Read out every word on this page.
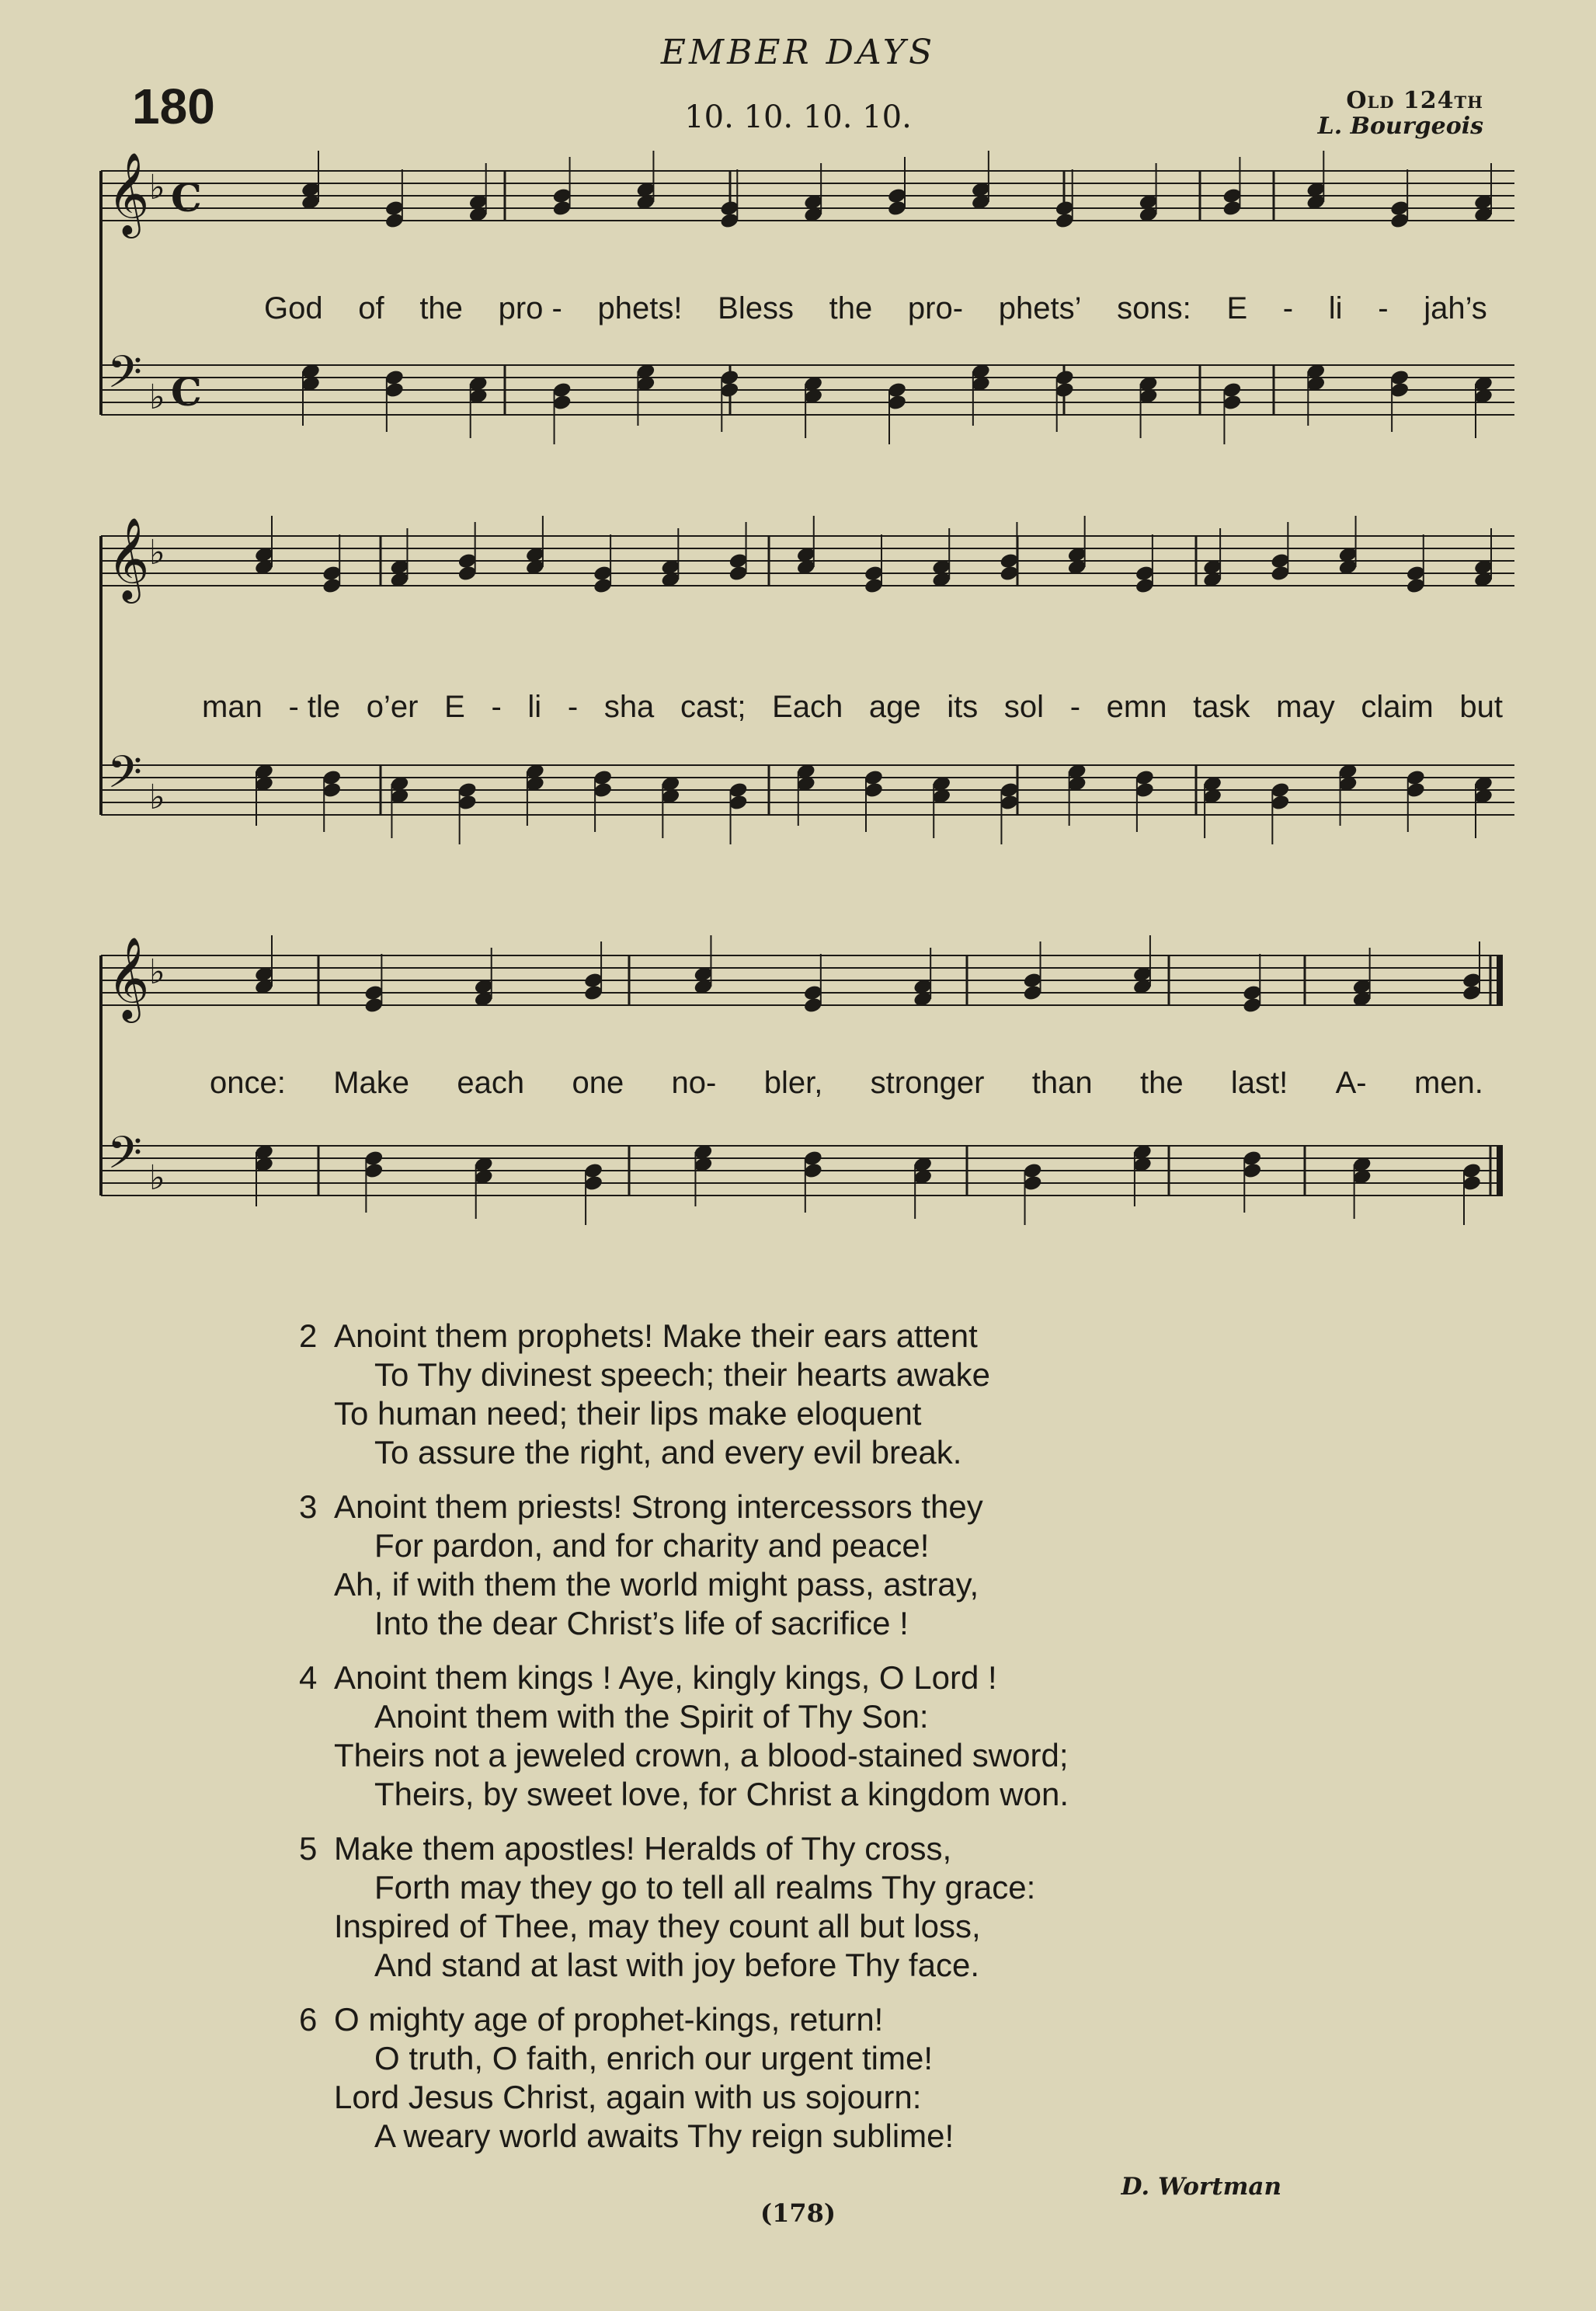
EMBER DAYS
180	10. 10. 10. 10.	Old 124th
L. Bourgeois
𝄞 ♭ C
𝄢 ♭ C
𝄞 ♭
𝄢 ♭
𝄞 ♭
𝄢 ♭
God of the pro - phets! Bless the pro- phets’ sons: E - li - jah’s
man - tle o’er E - li - sha cast; Each age its sol - emn task may claim but
once: Make each one no- bler, stronger than the last! A- men.
2 Anoint them prophets! Make their ears attent
To Thy divinest speech; their hearts awake
To human need; their lips make eloquent
To assure the right, and every evil break.
3 Anoint them priests! Strong intercessors they
For pardon, and for charity and peace!
Ah, if with them the world might pass, astray,
Into the dear Christ’s life of sacrifice !
4 Anoint them kings ! Aye, kingly kings, O Lord !
Anoint them with the Spirit of Thy Son:
Theirs not a jeweled crown, a blood-stained sword;
Theirs, by sweet love, for Christ a kingdom won.
5 Make them apostles! Heralds of Thy cross,
Forth may they go to tell all realms Thy grace:
Inspired of Thee, may they count all but loss,
And stand at last with joy before Thy face.
6 O mighty age of prophet-kings, return!
O truth, O faith, enrich our urgent time!
Lord Jesus Christ, again with us sojourn:
A weary world awaits Thy reign sublime!
D. Wortman
(178)
